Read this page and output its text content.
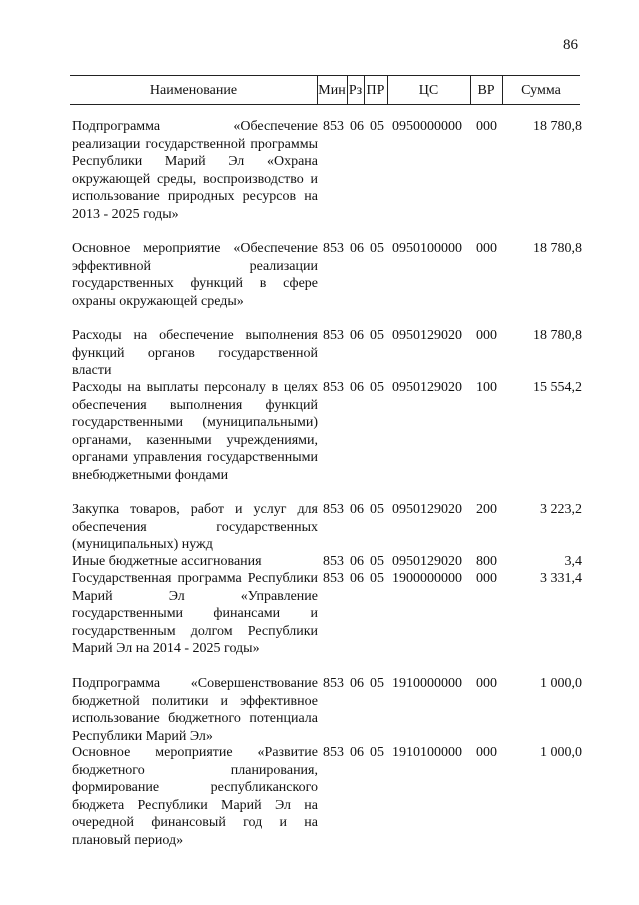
86
Наименование	Мин Рз ПР	ЦС	ВР	Сумма
Подпрограмма «Обеспечение реализации государственной программы Республики Марий Эл «Охрана окружающей среды, воспроизводство и использование природных ресурсов на 2013 - 2025 годы»
853 06 05 0950000000 000	18 780,8
Основное мероприятие «Обеспечение эффективной реализации государственных функций в сфере охраны окружающей среды»
853 06 05 0950100000 000	18 780,8
Расходы на обеспечение выполнения функций органов государственной власти
853 06 05 0950129020 000	18 780,8
Расходы на выплаты персоналу в целях обеспечения выполнения функций государственными (муниципальными) органами, казенными учреждениями, органами управления государственными внебюджетными фондами
853 06 05 0950129020 100	15 554,2
Закупка товаров, работ и услуг для обеспечения государственных (муниципальных) нужд
853 06 05 0950129020 200	3 223,2
Иные бюджетные ассигнования	853 06 05 0950129020 800	3,4
Государственная программа Республики Марий Эл «Управление государственными финансами и государственным долгом Республики Марий Эл на 2014 - 2025 годы»
853 06 05 1900000000 000	3 331,4
Подпрограмма «Совершенствование бюджетной политики и эффективное использование бюджетного потенциала Республики Марий Эл»
853 06 05 1910000000 000	1 000,0
Основное мероприятие «Развитие бюджетного планирования, формирование республиканского бюджета Республики Марий Эл на очередной финансовый год и на плановый период»
853 06 05 1910100000 000	1 000,0
